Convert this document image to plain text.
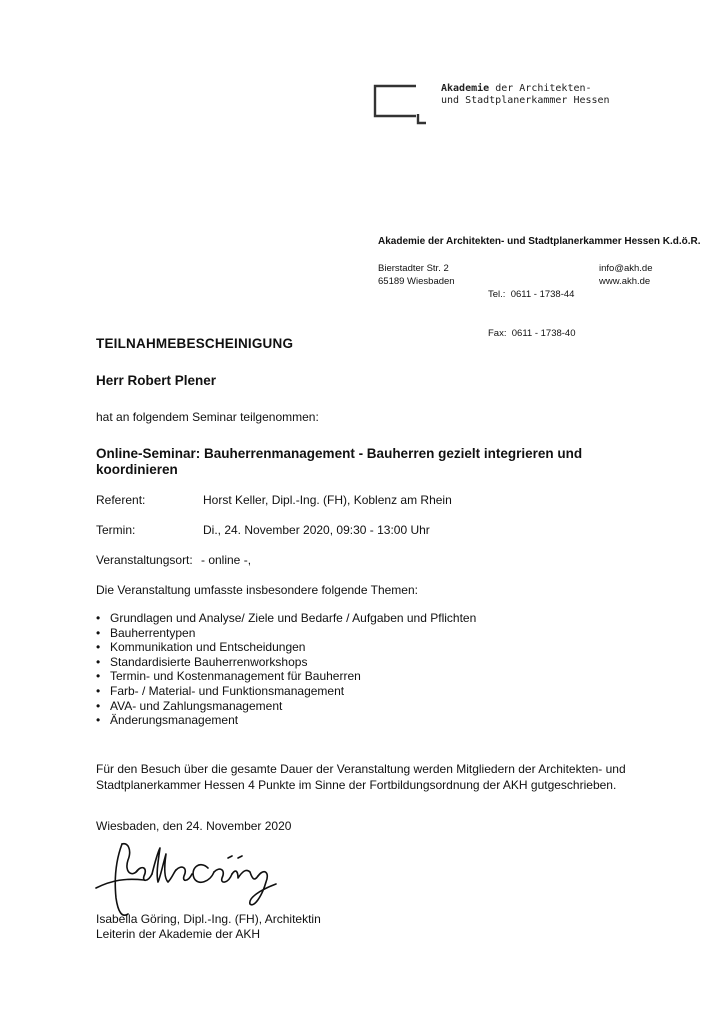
Akademie der Architekten-
und Stadtplanerkammer Hessen
Akademie der Architekten- und Stadtplanerkammer Hessen K.d.ö.R.
Bierstadter Str. 2
65189 Wiesbaden

Tel.:  0611 - 1738-44

Fax:  0611 - 1738-40

info@akh.de
www.akh.de
TEILNAHMEBESCHEINIGUNG
Herr Robert Plener
hat an folgendem Seminar teilgenommen:
Online-Seminar: Bauherrenmanagement - Bauherren gezielt integrieren und koordinieren
Referent:	Horst Keller, Dipl.-Ing. (FH), Koblenz am Rhein
Termin:	Di., 24. November 2020, 09:30 - 13:00 Uhr
Veranstaltungsort: - online -,
Die Veranstaltung umfasste insbesondere folgende Themen:
• Grundlagen und Analyse/ Ziele und Bedarfe / Aufgaben und Pflichten
• Bauherrentypen
• Kommunikation und Entscheidungen
• Standardisierte Bauherrenworkshops
• Termin- und Kostenmanagement für Bauherren
• Farb- / Material- und Funktionsmanagement
• AVA- und Zahlungsmanagement
• Änderungsmanagement
Für den Besuch über die gesamte Dauer der Veranstaltung werden Mitgliedern der Architekten- und Stadtplanerkammer Hessen 4 Punkte im Sinne der Fortbildungsordnung der AKH gutgeschrieben.
Wiesbaden, den 24. November 2020
Isabella Göring, Dipl.-Ing. (FH), Architektin
Leiterin der Akademie der AKH
